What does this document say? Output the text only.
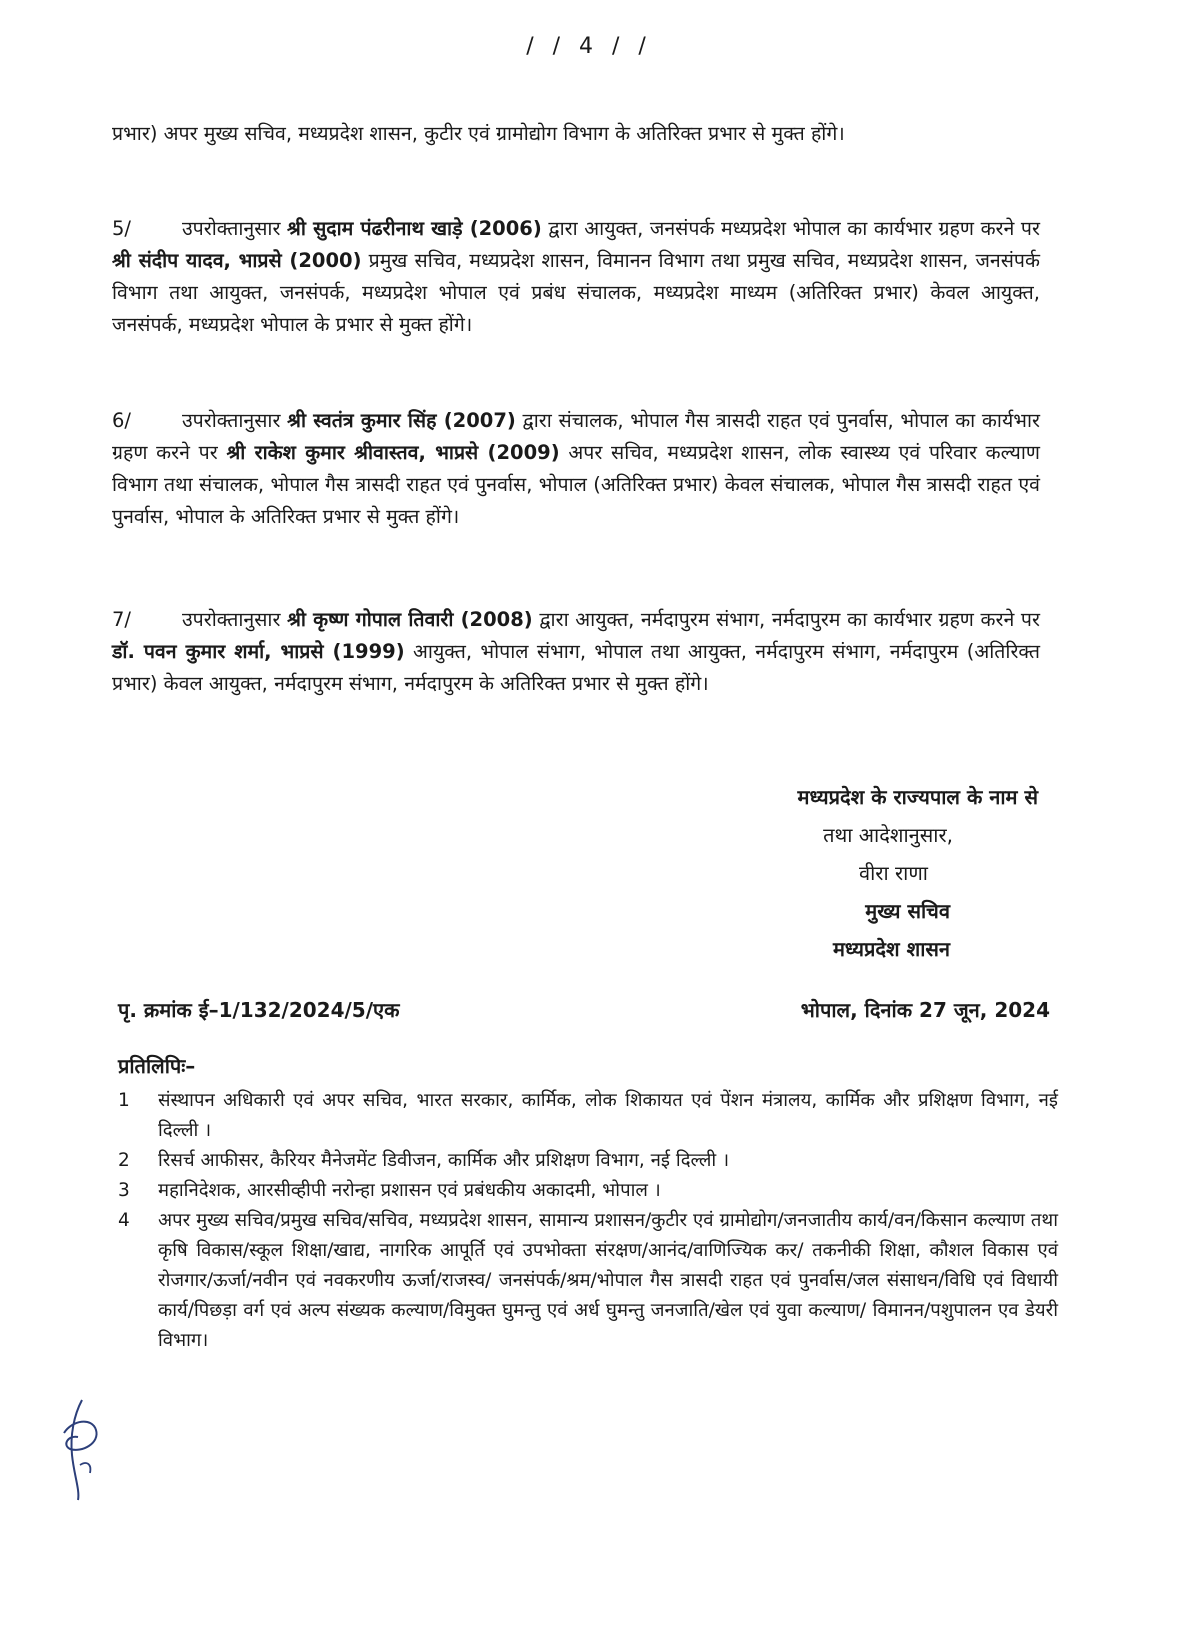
/ / 4 / /
प्रभार) अपर मुख्य सचिव, मध्यप्रदेश शासन, कुटीर एवं ग्रामोद्योग विभाग के अतिरिक्त प्रभार से मुक्त होंगे।
5/	उपरोक्तानुसार श्री सुदाम पंढरीनाथ खाड़े (2006) द्वारा आयुक्त, जनसंपर्क मध्यप्रदेश भोपाल का कार्यभार ग्रहण करने पर श्री संदीप यादव, भाप्रसे (2000) प्रमुख सचिव, मध्यप्रदेश शासन, विमानन विभाग तथा प्रमुख सचिव, मध्यप्रदेश शासन, जनसंपर्क विभाग तथा आयुक्त, जनसंपर्क, मध्यप्रदेश भोपाल एवं प्रबंध संचालक, मध्यप्रदेश माध्यम (अतिरिक्त प्रभार) केवल आयुक्त, जनसंपर्क, मध्यप्रदेश भोपाल के प्रभार से मुक्त होंगे।
6/	उपरोक्तानुसार श्री स्वतंत्र कुमार सिंह (2007) द्वारा संचालक, भोपाल गैस त्रासदी राहत एवं पुनर्वास, भोपाल का कार्यभार ग्रहण करने पर श्री राकेश कुमार श्रीवास्तव, भाप्रसे (2009) अपर सचिव, मध्यप्रदेश शासन, लोक स्वास्थ्य एवं परिवार कल्याण विभाग तथा संचालक, भोपाल गैस त्रासदी राहत एवं पुनर्वास, भोपाल (अतिरिक्त प्रभार) केवल संचालक, भोपाल गैस त्रासदी राहत एवं पुनर्वास, भोपाल के अतिरिक्त प्रभार से मुक्त होंगे।
7/	उपरोक्तानुसार श्री कृष्ण गोपाल तिवारी (2008) द्वारा आयुक्त, नर्मदापुरम संभाग, नर्मदापुरम का कार्यभार ग्रहण करने पर डॉ. पवन कुमार शर्मा, भाप्रसे (1999) आयुक्त, भोपाल संभाग, भोपाल तथा आयुक्त, नर्मदापुरम संभाग, नर्मदापुरम (अतिरिक्त प्रभार) केवल आयुक्त, नर्मदापुरम संभाग, नर्मदापुरम के अतिरिक्त प्रभार से मुक्त होंगे।
मध्यप्रदेश के राज्यपाल के नाम से
तथा आदेशानुसार,
वीरा राणा
मुख्य सचिव
मध्यप्रदेश शासन
पृ. क्रमांक ई–1/132/2024/5/एक	भोपाल, दिनांक 27 जून, 2024
प्रतिलिपिः–
1	संस्थापन अधिकारी एवं अपर सचिव, भारत सरकार, कार्मिक, लोक शिकायत एवं पेंशन मंत्रालय, कार्मिक और प्रशिक्षण विभाग, नई दिल्ली ।
2	रिसर्च आफीसर, कैरियर मैनेजमेंट डिवीजन, कार्मिक और प्रशिक्षण विभाग, नई दिल्ली ।
3	महानिदेशक, आरसीव्हीपी नरोन्हा प्रशासन एवं प्रबंधकीय अकादमी, भोपाल ।
4	अपर मुख्य सचिव/प्रमुख सचिव/सचिव, मध्यप्रदेश शासन, सामान्य प्रशासन/कुटीर एवं ग्रामोद्योग/जनजातीय कार्य/वन/किसान कल्याण तथा कृषि विकास/स्कूल शिक्षा/खाद्य, नागरिक आपूर्ति एवं उपभोक्ता संरक्षण/आनंद/वाणिज्यिक कर/ तकनीकी शिक्षा, कौशल विकास एवं रोजगार/ऊर्जा/नवीन एवं नवकरणीय ऊर्जा/राजस्व/ जनसंपर्क/श्रम/भोपाल गैस त्रासदी राहत एवं पुनर्वास/जल संसाधन/विधि एवं विधायी कार्य/पिछड़ा वर्ग एवं अल्प संख्यक कल्याण/विमुक्त घुमन्तु एवं अर्ध घुमन्तु जनजाति/खेल एवं युवा कल्याण/ विमानन/पशुपालन एव डेयरी विभाग।
